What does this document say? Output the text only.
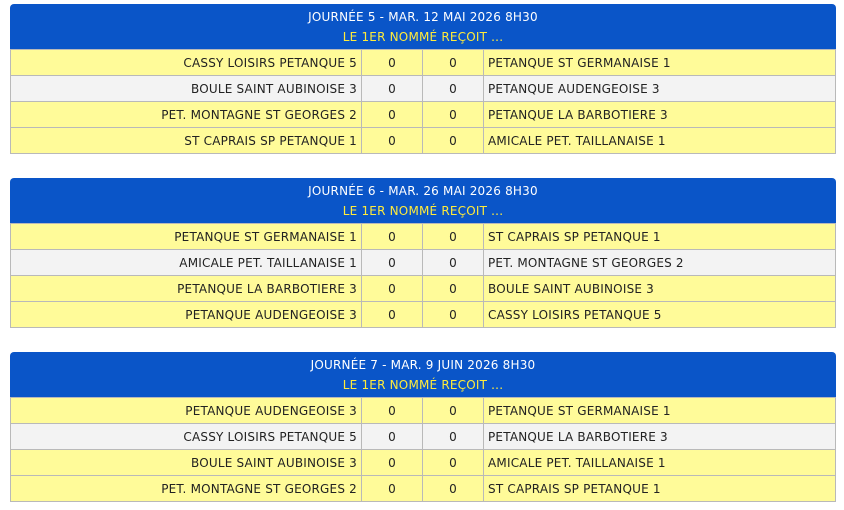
JOURNÉE 5 - MAR. 12 MAI 2026 8H30
LE 1ER NOMMÉ REÇOIT ...
CASSY LOISIRS PETANQUE 5	0	0	PETANQUE ST GERMANAISE 1
BOULE SAINT AUBINOISE 3	0	0	PETANQUE AUDENGEOISE 3
PET. MONTAGNE ST GEORGES 2	0	0	PETANQUE LA BARBOTIERE 3
ST CAPRAIS SP PETANQUE 1	0	0	AMICALE PET. TAILLANAISE 1
JOURNÉE 6 - MAR. 26 MAI 2026 8H30
LE 1ER NOMMÉ REÇOIT ...
PETANQUE ST GERMANAISE 1	0	0	ST CAPRAIS SP PETANQUE 1
AMICALE PET. TAILLANAISE 1	0	0	PET. MONTAGNE ST GEORGES 2
PETANQUE LA BARBOTIERE 3	0	0	BOULE SAINT AUBINOISE 3
PETANQUE AUDENGEOISE 3	0	0	CASSY LOISIRS PETANQUE 5
JOURNÉE 7 - MAR. 9 JUIN 2026 8H30
LE 1ER NOMMÉ REÇOIT ...
PETANQUE AUDENGEOISE 3	0	0	PETANQUE ST GERMANAISE 1
CASSY LOISIRS PETANQUE 5	0	0	PETANQUE LA BARBOTIERE 3
BOULE SAINT AUBINOISE 3	0	0	AMICALE PET. TAILLANAISE 1
PET. MONTAGNE ST GEORGES 2	0	0	ST CAPRAIS SP PETANQUE 1
